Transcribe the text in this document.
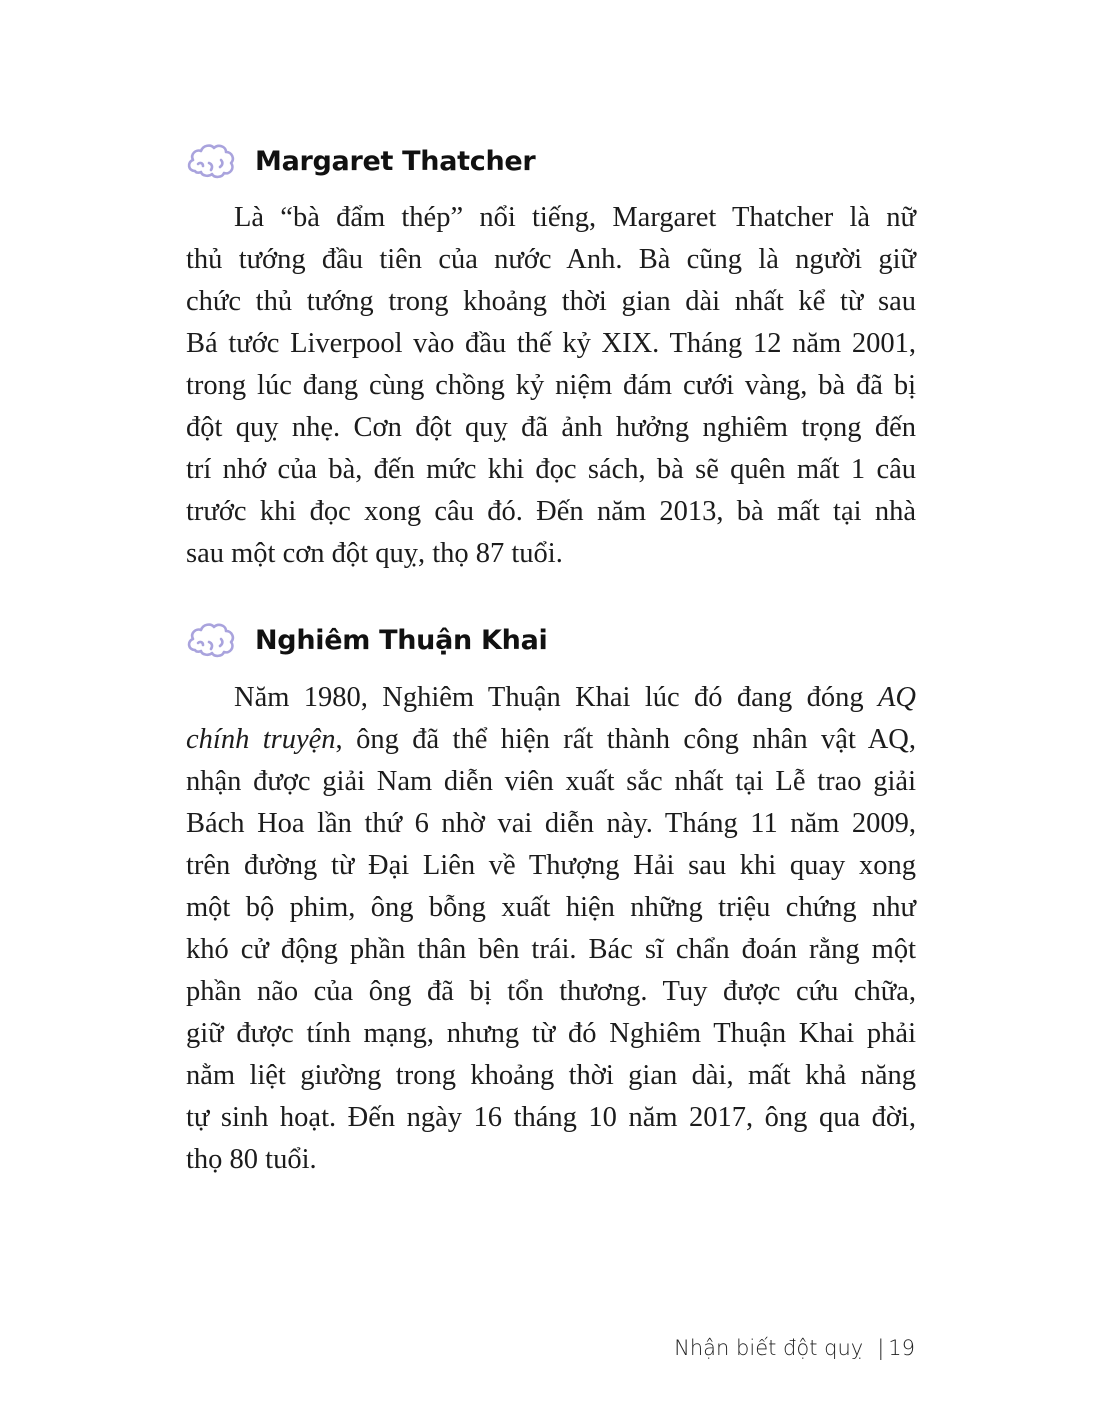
Margaret Thatcher
Là “bà đẩm thép” nổi tiếng, Margaret Thatcher là nữ
thủ tướng đầu tiên của nước Anh. Bà cũng là người giữ
chức thủ tướng trong khoảng thời gian dài nhất kể từ sau
Bá tước Liverpool vào đầu thế kỷ XIX. Tháng 12 năm 2001,
trong lúc đang cùng chồng kỷ niệm đám cưới vàng, bà đã bị
đột quỵ nhẹ. Cơn đột quỵ đã ảnh hưởng nghiêm trọng đến
trí nhớ của bà, đến mức khi đọc sách, bà sẽ quên mất 1 câu
trước khi đọc xong câu đó. Đến năm 2013, bà mất tại nhà
sau một cơn đột quỵ, thọ 87 tuổi.
Nghiêm Thuận Khai
Năm 1980, Nghiêm Thuận Khai lúc đó đang đóng AQ
chính truyện, ông đã thể hiện rất thành công nhân vật AQ,
nhận được giải Nam diễn viên xuất sắc nhất tại Lễ trao giải
Bách Hoa lần thứ 6 nhờ vai diễn này. Tháng 11 năm 2009,
trên đường từ Đại Liên về Thượng Hải sau khi quay xong
một bộ phim, ông bỗng xuất hiện những triệu chứng như
khó cử động phần thân bên trái. Bác sĩ chẩn đoán rằng một
phần não của ông đã bị tổn thương. Tuy được cứu chữa,
giữ được tính mạng, nhưng từ đó Nghiêm Thuận Khai phải
nằm liệt giường trong khoảng thời gian dài, mất khả năng
tự sinh hoạt. Đến ngày 16 tháng 10 năm 2017, ông qua đời,
thọ 80 tuổi.
Nhận biết đột quỵ | 19
